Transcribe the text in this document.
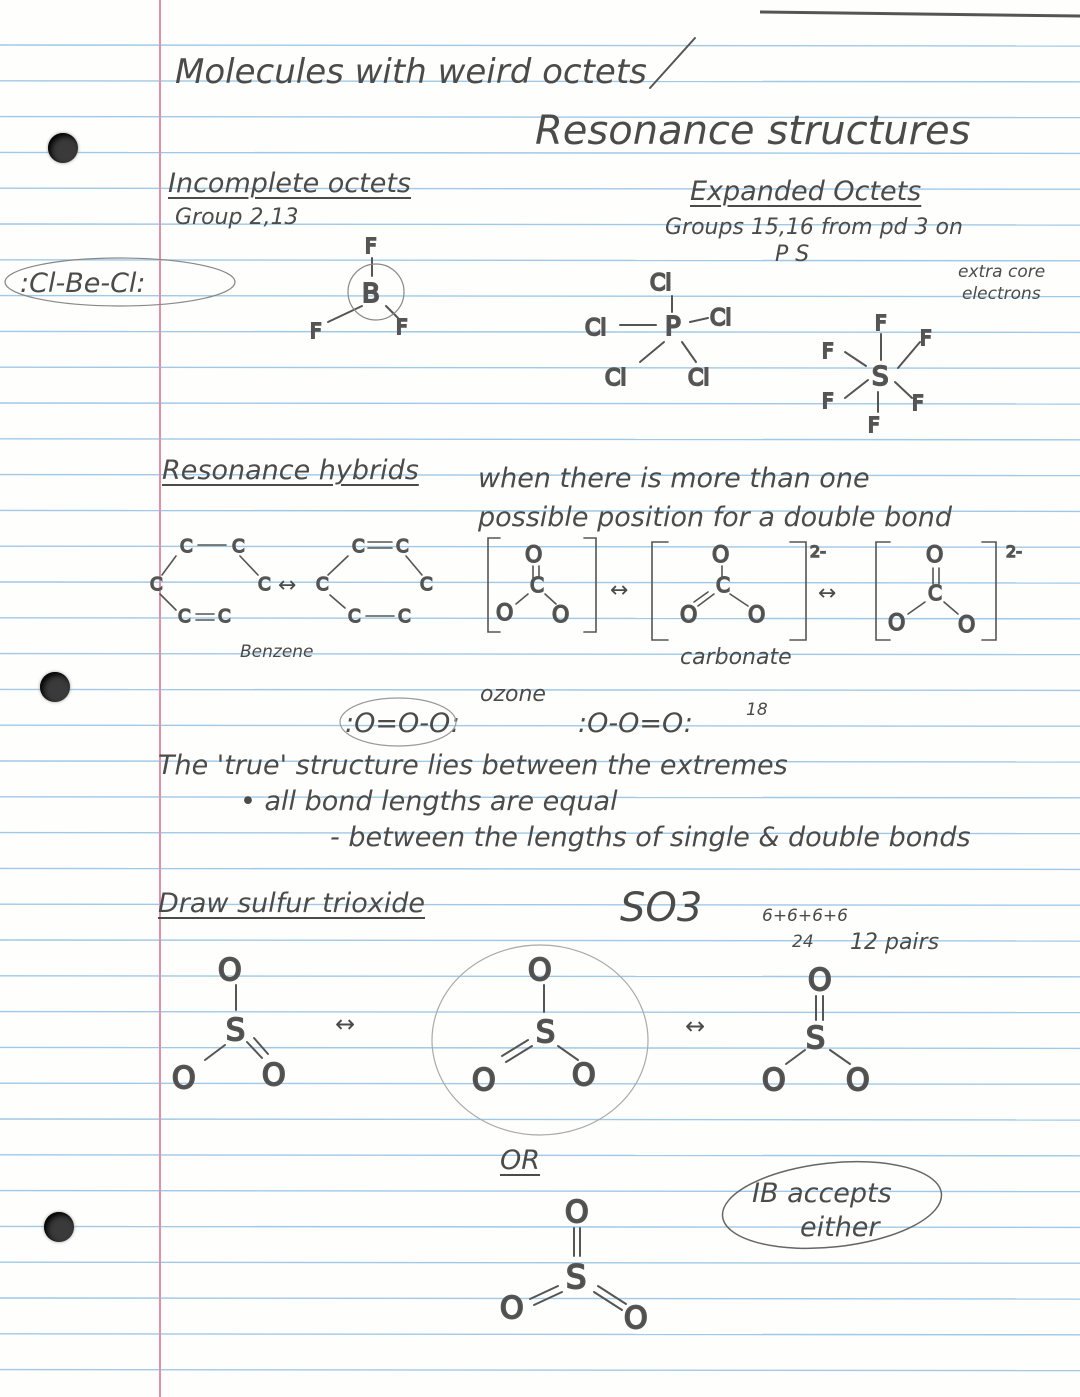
Molecules with weird octets
Resonance structures
Incomplete octets
Group 2,13
:Cl-Be-Cl:
Expanded Octets
Groups 15,16 from pd 3 on
P S
extra core
electrons
Resonance hybrids when there is more than one
possible position for a double bond
Benzene	carbonate
ozone
:O=O-O:	:O-O=O:	18
The 'true' structure lies between the extremes
• all bond lengths are equal
- between the lengths of single & double bonds
Draw sulfur trioxide	SO3	6+6+6+6
24 12 pairs
OR
IB accepts
either
B
F
F	F	P
Cl
Cl	Cl
Cl	Cl	S
F
F
F
F	F
F
C C
C	C
C C
↔
C C
C	C
C C
O
C
O O
↔
2-
O
C
O O
↔
2-
O
C
O O
O
S
O O
↔
O
S
O	O
↔
O
S
O O
O
S
O	O
